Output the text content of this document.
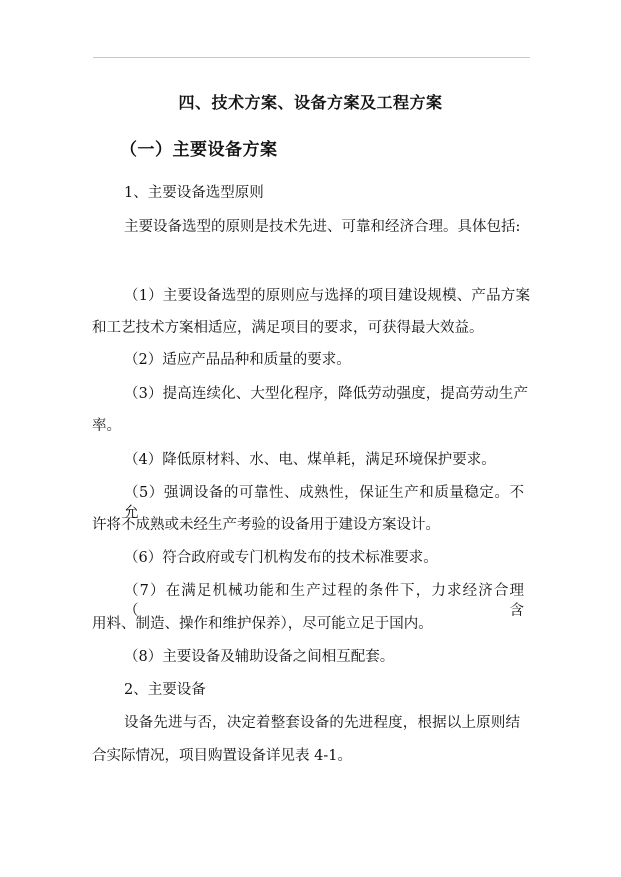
四、技术方案、设备方案及工程方案
（一）主要设备方案
1、主要设备选型原则
主要设备选型的原则是技术先进、可靠和经济合理。具体包括:
（1）主要设备选型的原则应与选择的项目建设规模、产品方案
和工艺技术方案相适应，满足项目的要求，可获得最大效益。
（2）适应产品品种和质量的要求。
（3）提高连续化、大型化程序，降低劳动强度，提高劳动生产
率。
（4）降低原材料、水、电、煤单耗，满足环境保护要求。
（5）强调设备的可靠性、成熟性，保证生产和质量稳定。不允
许将不成熟或未经生产考验的设备用于建设方案设计。
（6）符合政府或专门机构发布的技术标准要求。
（7）在满足机械功能和生产过程的条件下，力求经济合理（含
用料、制造、操作和维护保养），尽可能立足于国内。
（8）主要设备及辅助设备之间相互配套。
2、主要设备
设备先进与否，决定着整套设备的先进程度，根据以上原则结
合实际情况，项目购置设备详见表 4-1。
